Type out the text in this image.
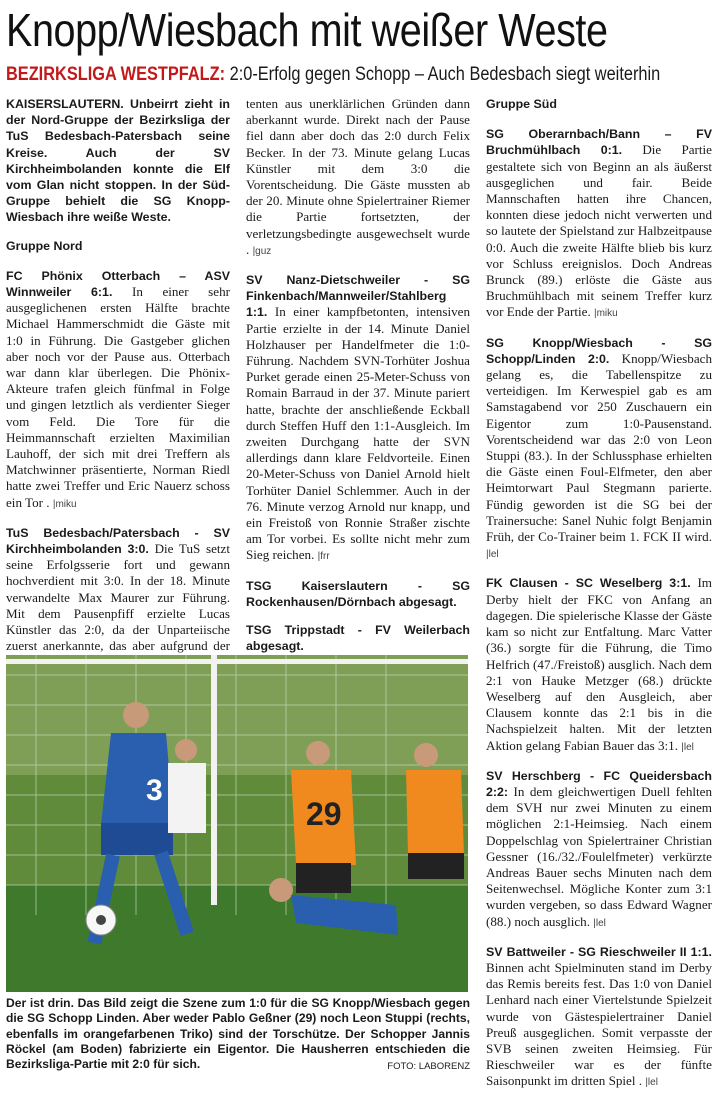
Knopp/Wiesbach mit weißer Weste
BEZIRKSLIGA WESTPFALZ: 2:0-Erfolg gegen Schopp – Auch Bedesbach siegt weiterhin

KAISERSLAUTERN. Unbeirrt zieht in der Nord-Gruppe der Bezirksliga der TuS Bedesbach-Patersbach seine Kreise. Auch der SV Kirchheimbolanden konnte die Elf vom Glan nicht stoppen. In der Süd-Gruppe behielt die SG Knopp-Wiesbach ihre weiße Weste.

Gruppe Nord

FC Phönix Otterbach – ASV Winnweiler 6:1. In einer sehr ausgeglichenen ersten Hälfte brachte Michael Hammerschmidt die Gäste mit 1:0 in Führung. Die Gastgeber glichen aber noch vor der Pause aus. Otterbach war dann klar überlegen. Die Phönix-Akteure trafen gleich fünfmal in Folge und gingen letztlich als verdienter Sieger vom Feld. Die Tore für die Heimmannschaft erzielten Maximilian Lauhoff, der sich mit drei Treffern als Matchwinner präsentierte, Norman Riedl hatte zwei Treffer und Eric Nauerz schoss ein Tor . |miku

TuS Bedesbach/Patersbach - SV Kirchheimbolanden 3:0. Die TuS setzt seine Erfolgsserie fort und gewann hochverdient mit 3:0. In der 18. Minute verwandelte Max Maurer zur Führung. Mit dem Pausenpfiff erzielte Lucas Künstler das 2:0, da der Unparteiische zuerst anerkannte, das aber aufgrund der

tenten aus unerklärlichen Gründen dann aberkannt wurde. Direkt nach der Pause fiel dann aber doch das 2:0 durch Felix Becker. In der 73. Minute gelang Lucas Künstler mit dem 3:0 die Vorentscheidung. Die Gäste mussten ab der 20. Minute ohne Spielertrainer Riemer die Partie fortsetzten, der verletzungsbedingte ausgewechselt wurde . |guz

SV Nanz-Dietschweiler - SG Finkenbach/Mannweiler/Stahlberg 1:1. In einer kampfbetonten, intensiven Partie erzielte in der 14. Minute Daniel Holzhauser per Handelfmeter die 1:0-Führung. Nachdem SVN-Torhüter Joshua Purket gerade einen 25-Meter-Schuss von Romain Barraud in der 37. Minute pariert hatte, brachte der anschließende Eckball durch Steffen Huff den 1:1-Ausgleich. Im zweiten Durchgang hatte der SVN allerdings dann klare Feldvorteile. Einen 20-Meter-Schuss von Daniel Arnold hielt Torhüter Daniel Schlemmer. Auch in der 76. Minute verzog Arnold nur knapp, und ein Freistoß von Ronnie Straßer zischte am Tor vorbei. Es sollte nicht mehr zum Sieg reichen. |frr

TSG Kaiserslautern - SG Rockenhausen/Dörnbach abgesagt.

TSG Trippstadt - FV Weilerbach abgesagt.

Gruppe Süd

SG Oberarnbach/Bann – FV Bruchmühlbach 0:1. Die Partie gestaltete sich von Beginn an als äußerst ausgeglichen und fair. Beide Mannschaften hatten ihre Chancen, konnten diese jedoch nicht verwerten und so lautete der Spielstand zur Halbzeitpause 0:0. Auch die zweite Hälfte blieb bis kurz vor Schluss ereignislos. Doch Andreas Brunck (89.) erlöste die Gäste aus Bruchmühlbach mit seinem Treffer kurz vor Ende der Partie. |miku

SG Knopp/Wiesbach - SG Schopp/Linden 2:0. Knopp/Wiesbach gelang es, die Tabellenspitze zu verteidigen. Im Kerwespiel gab es am Samstagabend vor 250 Zuschauern ein Eigentor zum 1:0-Pausenstand. Vorentscheidend war das 2:0 von Leon Stuppi (83.). In der Schlussphase erhielten die Gäste einen Foul-Elfmeter, den aber Heimtorwart Paul Stegmann parierte. Fündig geworden ist die SG bei der Trainersuche: Sanel Nuhic folgt Benjamin Früh, der Co-Trainer beim 1. FCK II wird. |lel

FK Clausen - SC Weselberg 3:1. Im Derby hielt der FKC von Anfang an dagegen. Die spielerische Klasse der Gäste kam so nicht zur Entfaltung. Marc Vatter (36.) sorgte für die Führung, die Timo Helfrich (47./Freistoß) ausglich. Nach dem 2:1 von Hauke Metzger (68.) drückte Weselberg auf den Ausgleich, aber Clausem konnte das 2:1 bis in die Nachspielzeit halten. Mit der letzten Aktion gelang Fabian Bauer das 3:1. |lel

SV Herschberg - FC Queidersbach 2:2: In dem gleichwertigen Duell fehlten dem SVH nur zwei Minuten zu einem möglichen 2:1-Heimsieg. Nach einem Doppelschlag von Spielertrainer Christian Gessner (16./32./Foulelfmeter) verkürzte Andreas Bauer sechs Minuten nach dem Seitenwechsel. Mögliche Konter zum 3:1 wurden vergeben, so dass Edward Wagner (88.) noch ausglich. |lel

SV Battweiler - SG Rieschweiler II 1:1. Binnen acht Spielminuten stand im Derby das Remis bereits fest. Das 1:0 von Daniel Lenhard nach einer Viertelstunde Spielzeit wurde von Gästespielertrainer Daniel Preuß ausgeglichen. Somit verpasste der SVB seinen zweiten Heimsieg. Für Rieschweiler war es der fünfte Saisonpunkt im dritten Spiel . |lel

3
29
Der ist drin. Das Bild zeigt die Szene zum 1:0 für die SG Knopp/Wiesbach gegen die SG Schopp Linden. Aber weder Pablo Geßner (29) noch Leon Stuppi (rechts, ebenfalls im orangefarbenen Triko) sind der Torschütze. Der Schopper Jannis Röckel (am Boden) fabrizierte ein Eigentor. Die Hausherren entschieden die Bezirksliga-Partie mit 2:0 für sich.	FOTO: LABORENZ
